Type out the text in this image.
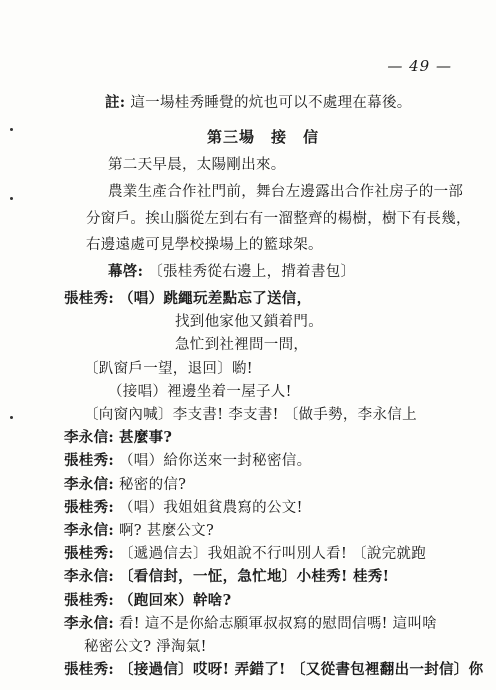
— 49 —
註: 這一場桂秀睡覺的炕也可以不處理在幕後。
第三場　接　信
第二天早晨，太陽剛出來。
農業生產合作社門前，舞台左邊露出合作社房子的一部
分窗戶。挨山腦從左到右有一溜整齊的楊樹，樹下有長幾，
右邊遠處可見學校操場上的籃球架。
幕啓: 〔張桂秀從右邊上，揹着書包〕
張桂秀: （唱）跳繩玩差點忘了送信，
找到他家他又鎖着門。
急忙到社裡問一問，
〔趴窗戶一望，退回〕喲!
（接唱）裡邊坐着一屋子人!
〔向窗內喊〕李支書! 李支書! 〔做手勢，李永信上
李永信: 甚麼事?
張桂秀: （唱）給你送來一封秘密信。
李永信: 秘密的信?
張桂秀: （唱）我姐姐貧農寫的公文!
李永信: 啊? 甚麼公文?
張桂秀: 〔遞過信去〕我姐說不行叫別人看! 〔說完就跑
李永信: 〔看信封，一怔，急忙地〕小桂秀! 桂秀!
張桂秀: （跑回來）幹啥?
李永信: 看! 這不是你給志願軍叔叔寫的慰問信嗎! 這叫啥
秘密公文? 淨淘氣!
張桂秀: 〔接過信〕哎呀! 弄錯了! 〔又從書包裡翻出一封信〕你
